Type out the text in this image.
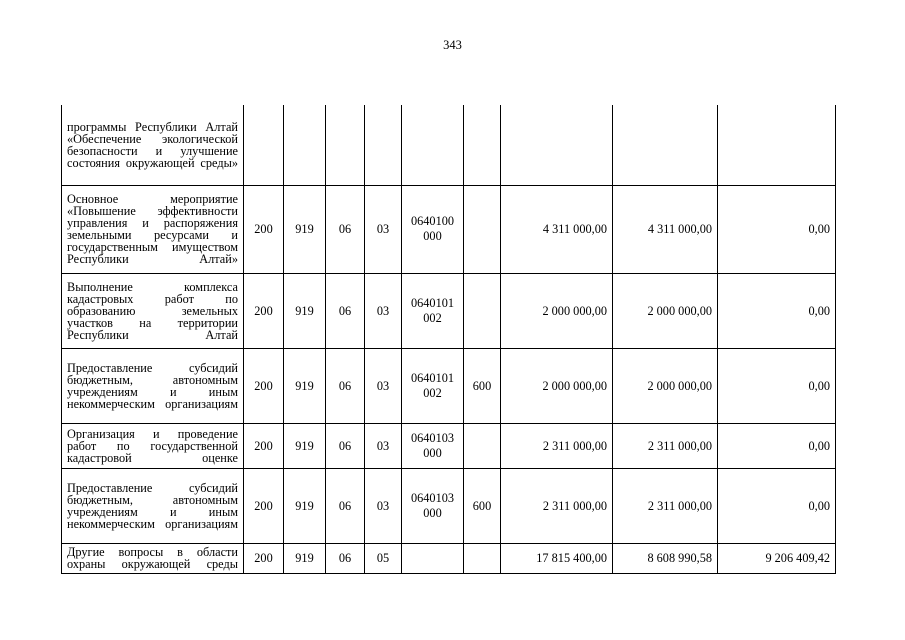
343
программы Республики Алтай «Обеспечение экологической безопасности и улучшение состояния окружающей среды»									
Основное мероприятие «Повышение эффективности управления и распоряжения земельными ресурсами и государственным имуществом Республики Алтай»	200	919	06	03	0640100 000		4 311 000,00	4 311 000,00	0,00
Выполнение комплекса кадастровых работ по образованию земельных участков на территории Республики Алтай	200	919	06	03	0640101 002		2 000 000,00	2 000 000,00	0,00
Предоставление субсидий бюджетным, автономным учреждениям и иным некоммерческим организациям	200	919	06	03	0640101 002	600	2 000 000,00	2 000 000,00	0,00
Организация и проведение работ по государственной кадастровой оценке	200	919	06	03	0640103 000		2 311 000,00	2 311 000,00	0,00
Предоставление субсидий бюджетным, автономным учреждениям и иным некоммерческим организациям	200	919	06	03	0640103 000	600	2 311 000,00	2 311 000,00	0,00
Другие вопросы в области охраны окружающей среды	200	919	06	05			17 815 400,00	8 608 990,58	9 206 409,42
